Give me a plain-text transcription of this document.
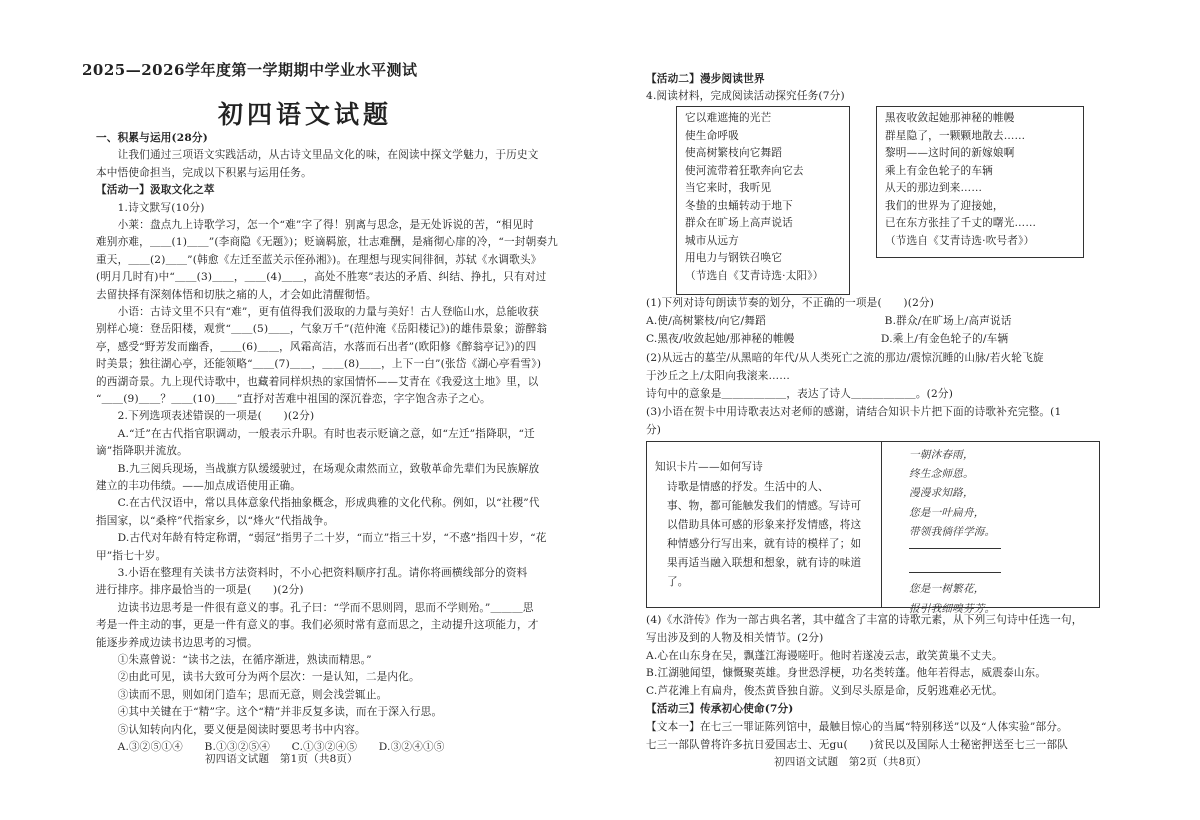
2025—2026学年度第一学期期中学业水平测试
初四语文试题
一、积累与运用(28分)
　　让我们通过三项语文实践活动，从古诗文里品文化的味，在阅读中探文学魅力，于历史文
本中悟使命担当，完成以下积累与运用任务。
【活动一】汲取文化之萃
　　1.诗文默写(10分)
　　小莱：盘点九上诗歌学习，怎一个“难”字了得！别离与思念，是无处诉说的苦，“相见时
难别亦难，＿＿(1)＿＿”(李商隐《无题》)；贬谪羁旅，壮志难酬，是痛彻心扉的冷，“一封朝奏九
重天，＿＿(2)＿＿”(韩愈《左迁至蓝关示侄孙湘》)。在理想与现实间徘徊，苏轼《水调歌头》
(明月几时有)中“＿＿(3)＿＿，＿＿(4)＿＿，高处不胜寒”表达的矛盾、纠结、挣扎，只有对过
去留抉择有深刻体悟和切肤之痛的人，才会如此清醒彻悟。
　　小语：古诗文里不只有“难”，更有值得我们汲取的力量与美好！古人登临山水，总能收获
别样心境：登岳阳楼，观赏“＿＿(5)＿＿，气象万千”(范仲淹《岳阳楼记》)的雄伟景象；游醉翁
亭，感受“野芳发而幽香，＿＿(6)＿＿，风霜高洁，水落而石出者”(欧阳修《醉翁亭记》)的四
时美景；独往湖心亭，还能领略“＿＿(7)＿＿，＿＿(8)＿＿，上下一白”(张岱《湖心亭看雪》)
的西湖奇景。九上现代诗歌中，也藏着同样炽热的家国情怀——艾青在《我爱这土地》里，以
“＿＿(9)＿＿？＿＿(10)＿＿”直抒对苦难中祖国的深沉眷恋，字字饱含赤子之心。
　　2.下列选项表述错误的一项是(　　)(2分)
　　A.“迁”在古代指官职调动，一般表示升职。有时也表示贬谪之意，如“左迁”指降职，“迁
谪”指降职并流放。
　　B.九三阅兵现场，当战旗方队缓缓驶过，在场观众肃然而立，致敬革命先辈们为民族解放
建立的丰功伟绩。——加点成语使用正确。
　　C.在古代汉语中，常以具体意象代指抽象概念，形成典雅的文化代称。例如，以“社稷”代
指国家，以“桑梓”代指家乡，以“烽火”代指战争。
　　D.古代对年龄有特定称谓，“弱冠”指男子二十岁，“而立”指三十岁，“不惑”指四十岁，“花
甲”指七十岁。
　　3.小语在整理有关读书方法资料时，不小心把资料顺序打乱。请你将画横线部分的资料
进行排序。排序最恰当的一项是(　　)(2分)
　　边读书边思考是一件很有意义的事。孔子曰：“学而不思则罔，思而不学则殆。”＿＿＿思
考是一件主动的事，更是一件有意义的事。我们必须时常有意而思之，主动提升这项能力，才
能逐步养成边读书边思考的习惯。
　　①朱熹曾说：“读书之法，在循序渐进，熟读而精思。”
　　②由此可见，读书大致可分为两个层次：一是认知，二是内化。
　　③读而不思，则如闭门造车；思而无意，则会浅尝辄止。
　　④其中关键在于“精”字。这个“精”并非反复多读，而在于深入行思。
　　⑤认知转向内化，要义便是阅读时要思考书中内容。
　　A.③②⑤①④　　B.①③②⑤④　　C.①③②④⑤　　D.③②④①⑤
初四语文试题　第1页（共8页）
【活动二】漫步阅读世界
4.阅读材料，完成阅读活动探究任务(7分)
它以难遮掩的光芒
使生命呼吸
使高树繁枝向它舞蹈
使河流带着狂歌奔向它去
当它来时，我听见
冬蛰的虫蛹转动于地下
群众在旷场上高声说话
城市从远方
用电力与钢铁召唤它
（节选自《艾青诗选·太阳》）
黑夜收敛起她那神秘的帷幔
群星隐了，一颗颗地散去……
黎明——这时间的新嫁娘啊
乘上有金色轮子的车辆
从天的那边到来……
我们的世界为了迎接她，
已在东方张挂了千丈的曙光……
（节选自《艾青诗选·吹号者》）
(1)下列对诗句朗读节奏的划分，不正确的一项是(　　)(2分)
A.使/高树繁枝/向它/舞蹈　　　　　　　　　　　B.群众/在旷场上/高声说话
C.黑夜/收敛起她/那神秘的帷幔　　　　　　　　D.乘上/有金色轮子的/车辆
(2)从远古的墓茔/从黑暗的年代/从人类死亡之流的那边/震惊沉睡的山脉/若火轮飞旋
于沙丘之上/太阳向我滚来……
诗句中的意象是＿＿＿＿＿＿，表达了诗人＿＿＿＿＿＿。(2分)
(3)小语在贺卡中用诗歌表达对老师的感谢，请结合知识卡片把下面的诗歌补充完整。(1
分)
知识卡片——如何写诗
诗歌是情感的抒发。生活中的人、
事、物，都可能触发我们的情感。写诗可
以借助具体可感的形象来抒发情感，将这
种情感分行写出来，就有诗的模样了；如
果再适当融入联想和想象，就有诗的味道
了。
一朝沐春雨，
终生念师恩。
漫漫求知路，
您是一叶扁舟，
带领我徜徉学海。
您是一树繁花，
报引我细嗅芬芳。
(4)《水浒传》作为一部古典名著，其中蕴含了丰富的诗歌元素，从下列三句诗中任选一句，
写出涉及到的人物及相关情节。(2分)
A.心在山东身在吴，飘蓬江海谩嗟吁。他时若遂凌云志，敢笑黄巢不丈夫。
B.江湖驰闻望，慷慨聚英雄。身世恐浮梗，功名类转蓬。他年若得志，威震泰山东。
C.芦花滩上有扁舟，俊杰黄昏独自游。义到尽头原是命，反躬逃难必无忧。
【活动三】传承初心使命(7分)
【文本一】在七三一罪证陈列馆中，最触目惊心的当属“特别移送”以及“人体实验”部分。
七三一部队曾将许多抗日爱国志士、无gu(　　)贫民以及国际人士秘密押送至七三一部队
初四语文试题　第2页（共8页）
